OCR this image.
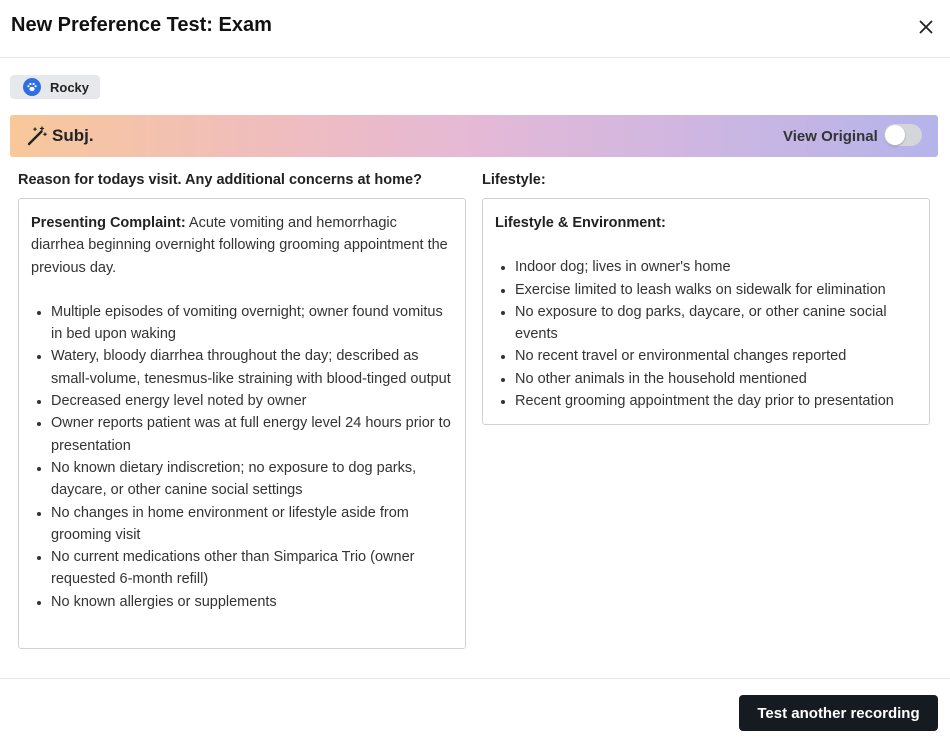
New Preference Test: Exam
Rocky
Subj.	View Original
Reason for todays visit. Any additional concerns at home?
Presenting Complaint: Acute vomiting and hemorrhagic diarrhea beginning overnight following grooming appointment the previous day.
• Multiple episodes of vomiting overnight; owner found vomitus in bed upon waking
• Watery, bloody diarrhea throughout the day; described as small-volume, tenesmus-like straining with blood-tinged output
• Decreased energy level noted by owner
• Owner reports patient was at full energy level 24 hours prior to presentation
• No known dietary indiscretion; no exposure to dog parks, daycare, or other canine social settings
• No changes in home environment or lifestyle aside from grooming visit
• No current medications other than Simparica Trio (owner requested 6-month refill)
• No known allergies or supplements
Lifestyle:
Lifestyle & Environment:
• Indoor dog; lives in owner's home
• Exercise limited to leash walks on sidewalk for elimination
• No exposure to dog parks, daycare, or other canine social events
• No recent travel or environmental changes reported
• No other animals in the household mentioned
• Recent grooming appointment the day prior to presentation
Test another recording
